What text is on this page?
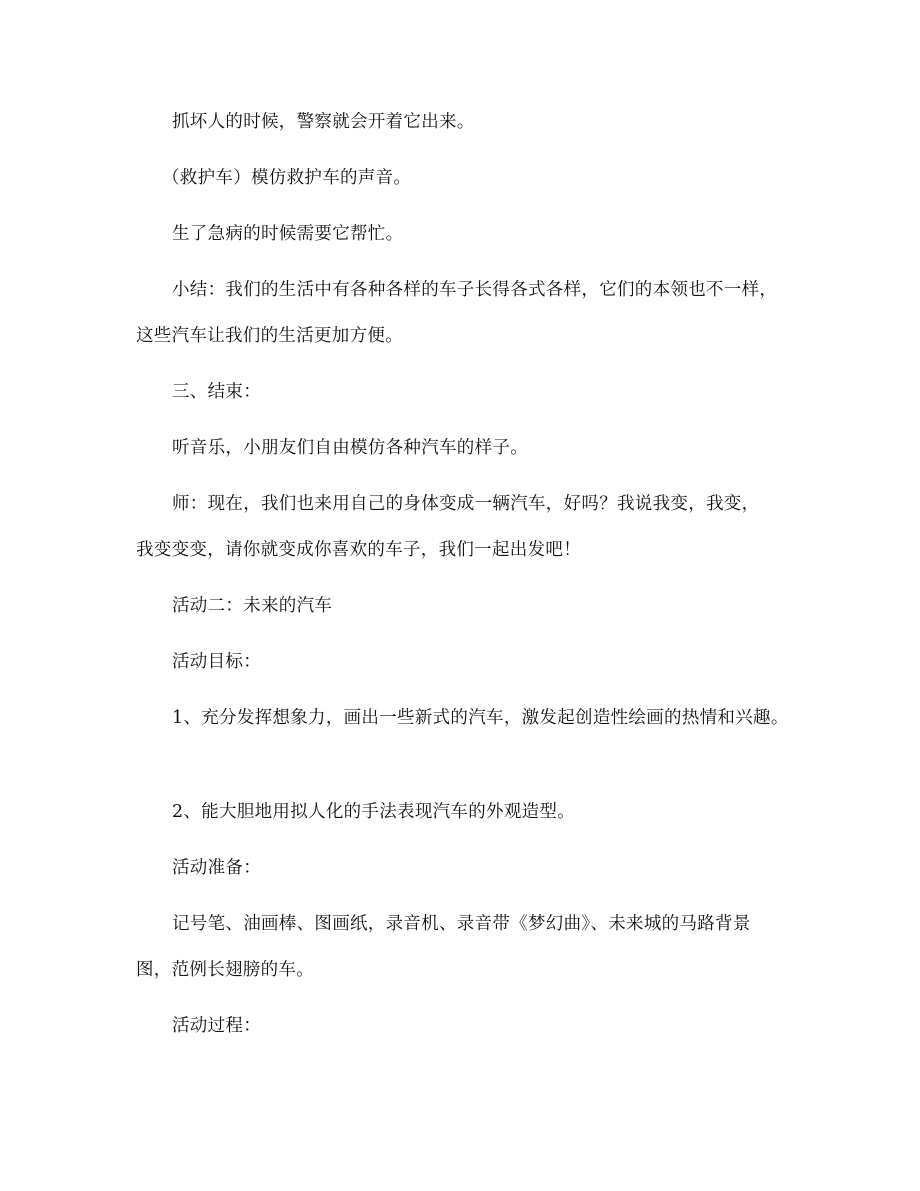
抓坏人的时候，警察就会开着它出来。
（救护车）模仿救护车的声音。
生了急病的时候需要它帮忙。
小结：我们的生活中有各种各样的车子长得各式各样，它们的本领也不一样，
这些汽车让我们的生活更加方便。
三、结束：
听音乐，小朋友们自由模仿各种汽车的样子。
师：现在，我们也来用自己的身体变成一辆汽车，好吗？我说我变，我变，
我变变变，请你就变成你喜欢的车子，我们一起出发吧！
活动二：未来的汽车
活动目标：
1、充分发挥想象力，画出一些新式的汽车，激发起创造性绘画的热情和兴趣。
2、能大胆地用拟人化的手法表现汽车的外观造型。
活动准备：
记号笔、油画棒、图画纸，录音机、录音带《梦幻曲》、未来城的马路背景
图，范例长翅膀的车。
活动过程：
